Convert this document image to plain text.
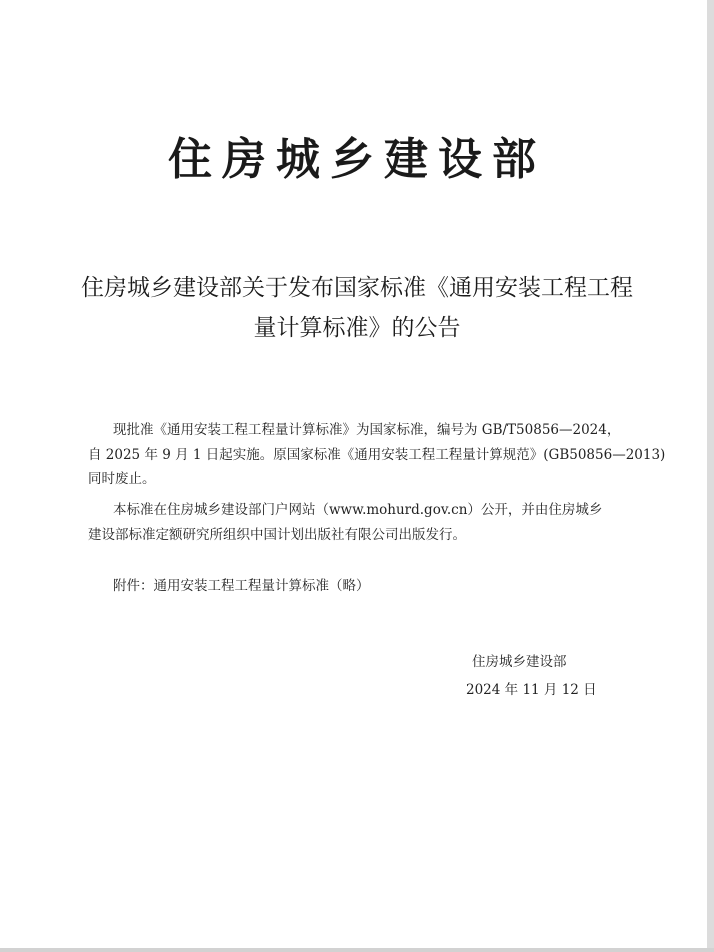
住房城乡建设部
住房城乡建设部关于发布国家标准《通用安装工程工程
量计算标准》的公告
现批准《通用安装工程工程量计算标准》为国家标准，编号为 GB/T50856—2024，
自 2025 年 9 月 1 日起实施。原国家标准《通用安装工程工程量计算规范》(GB50856—2013)
同时废止。
本标准在住房城乡建设部门户网站（www.mohurd.gov.cn）公开，并由住房城乡
建设部标准定额研究所组织中国计划出版社有限公司出版发行。
附件：通用安装工程工程量计算标准（略）
住房城乡建设部
2024 年 11 月 12 日
